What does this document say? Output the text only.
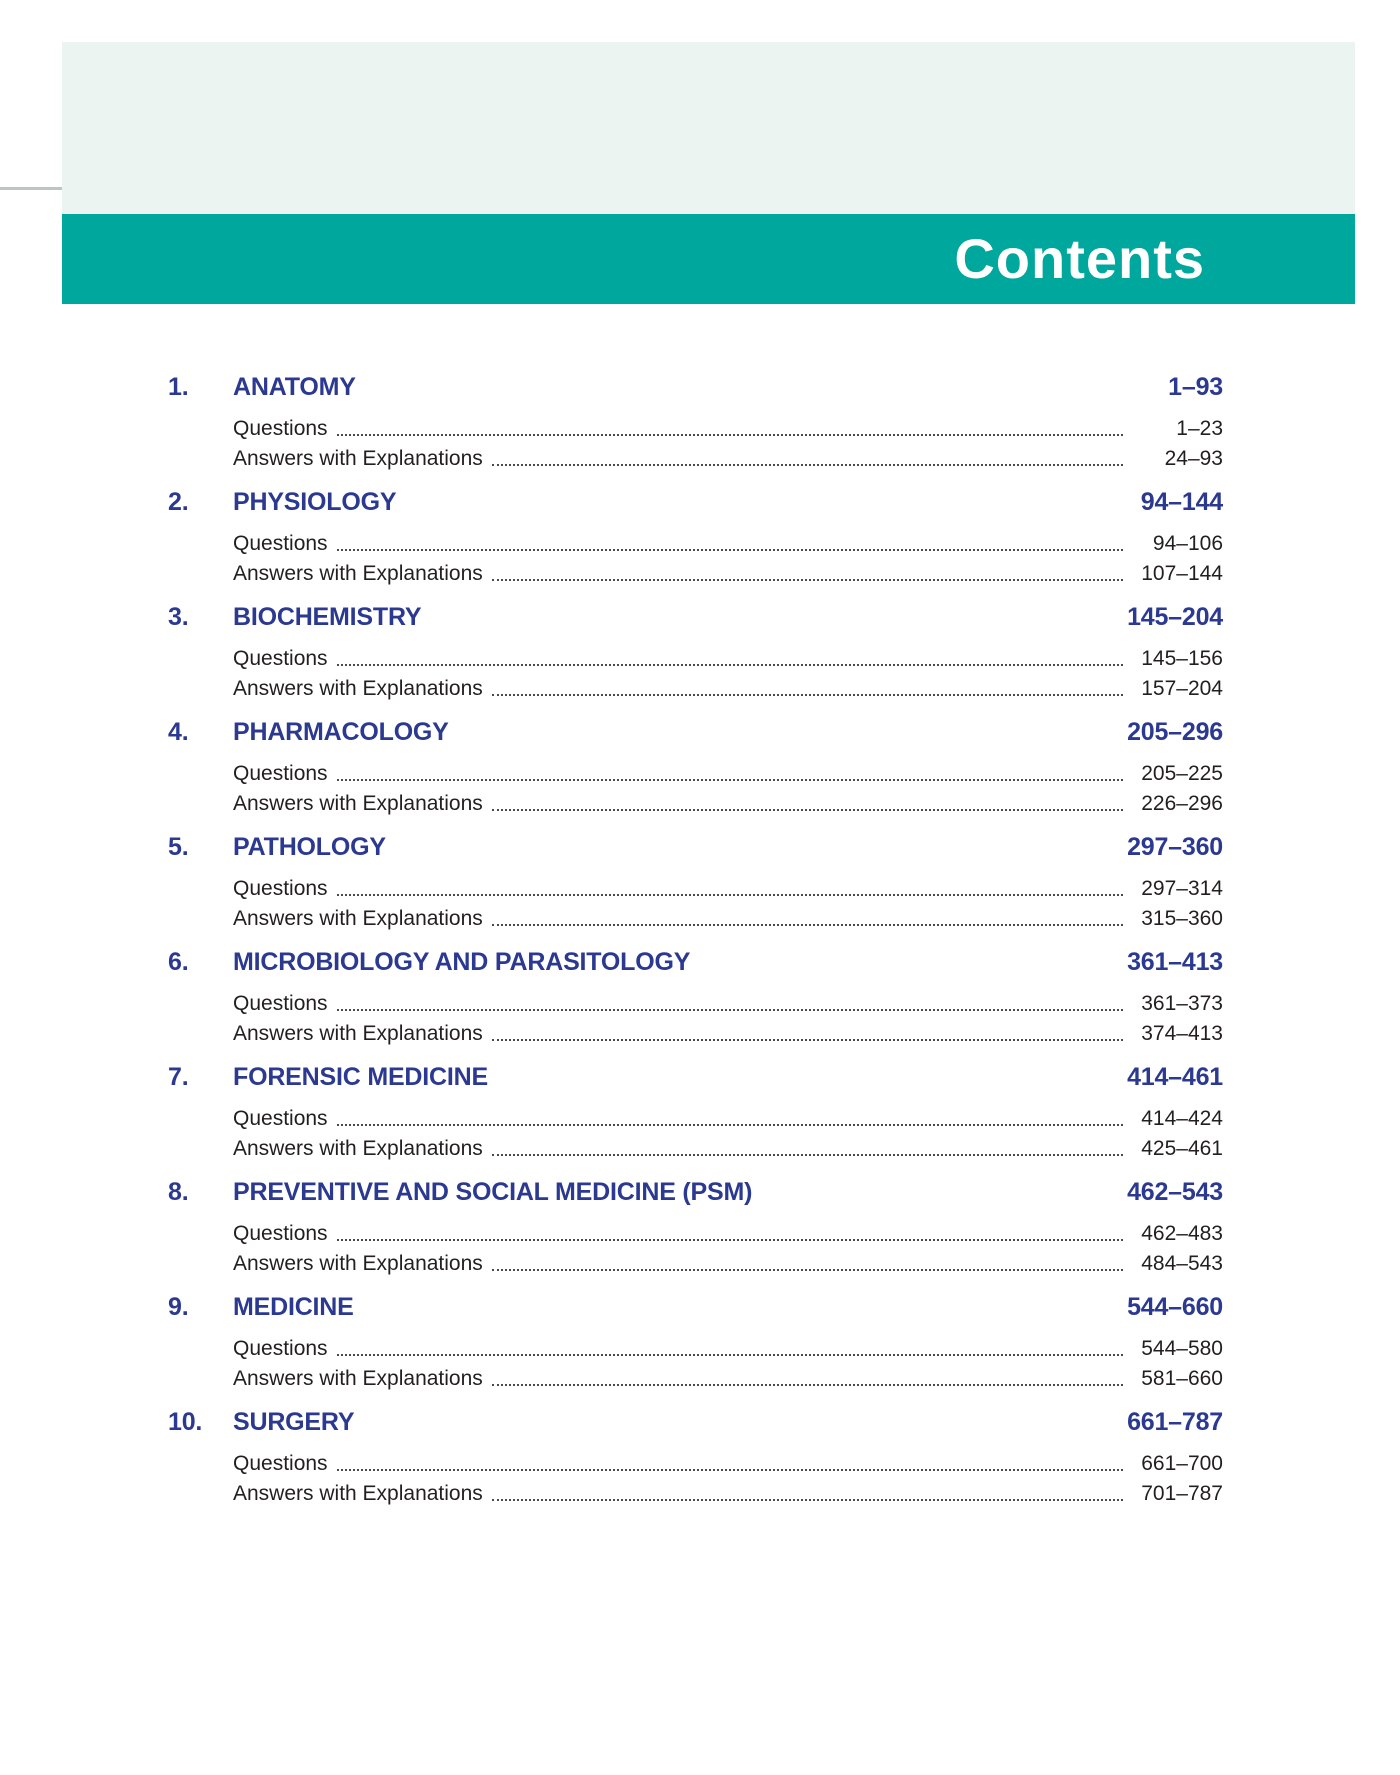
Contents
1.	ANATOMY	1–93
Questions	1–23
Answers with Explanations	24–93
2.	PHYSIOLOGY	94–144
Questions	94–106
Answers with Explanations	107–144
3.	BIOCHEMISTRY	145–204
Questions	145–156
Answers with Explanations	157–204
4.	PHARMACOLOGY	205–296
Questions	205–225
Answers with Explanations	226–296
5.	PATHOLOGY	297–360
Questions	297–314
Answers with Explanations	315–360
6.	MICROBIOLOGY AND PARASITOLOGY	361–413
Questions	361–373
Answers with Explanations	374–413
7.	FORENSIC MEDICINE	414–461
Questions	414–424
Answers with Explanations	425–461
8.	PREVENTIVE AND SOCIAL MEDICINE (PSM)	462–543
Questions	462–483
Answers with Explanations	484–543
9.	MEDICINE	544–660
Questions	544–580
Answers with Explanations	581–660
10.	SURGERY	661–787
Questions	661–700
Answers with Explanations	701–787
